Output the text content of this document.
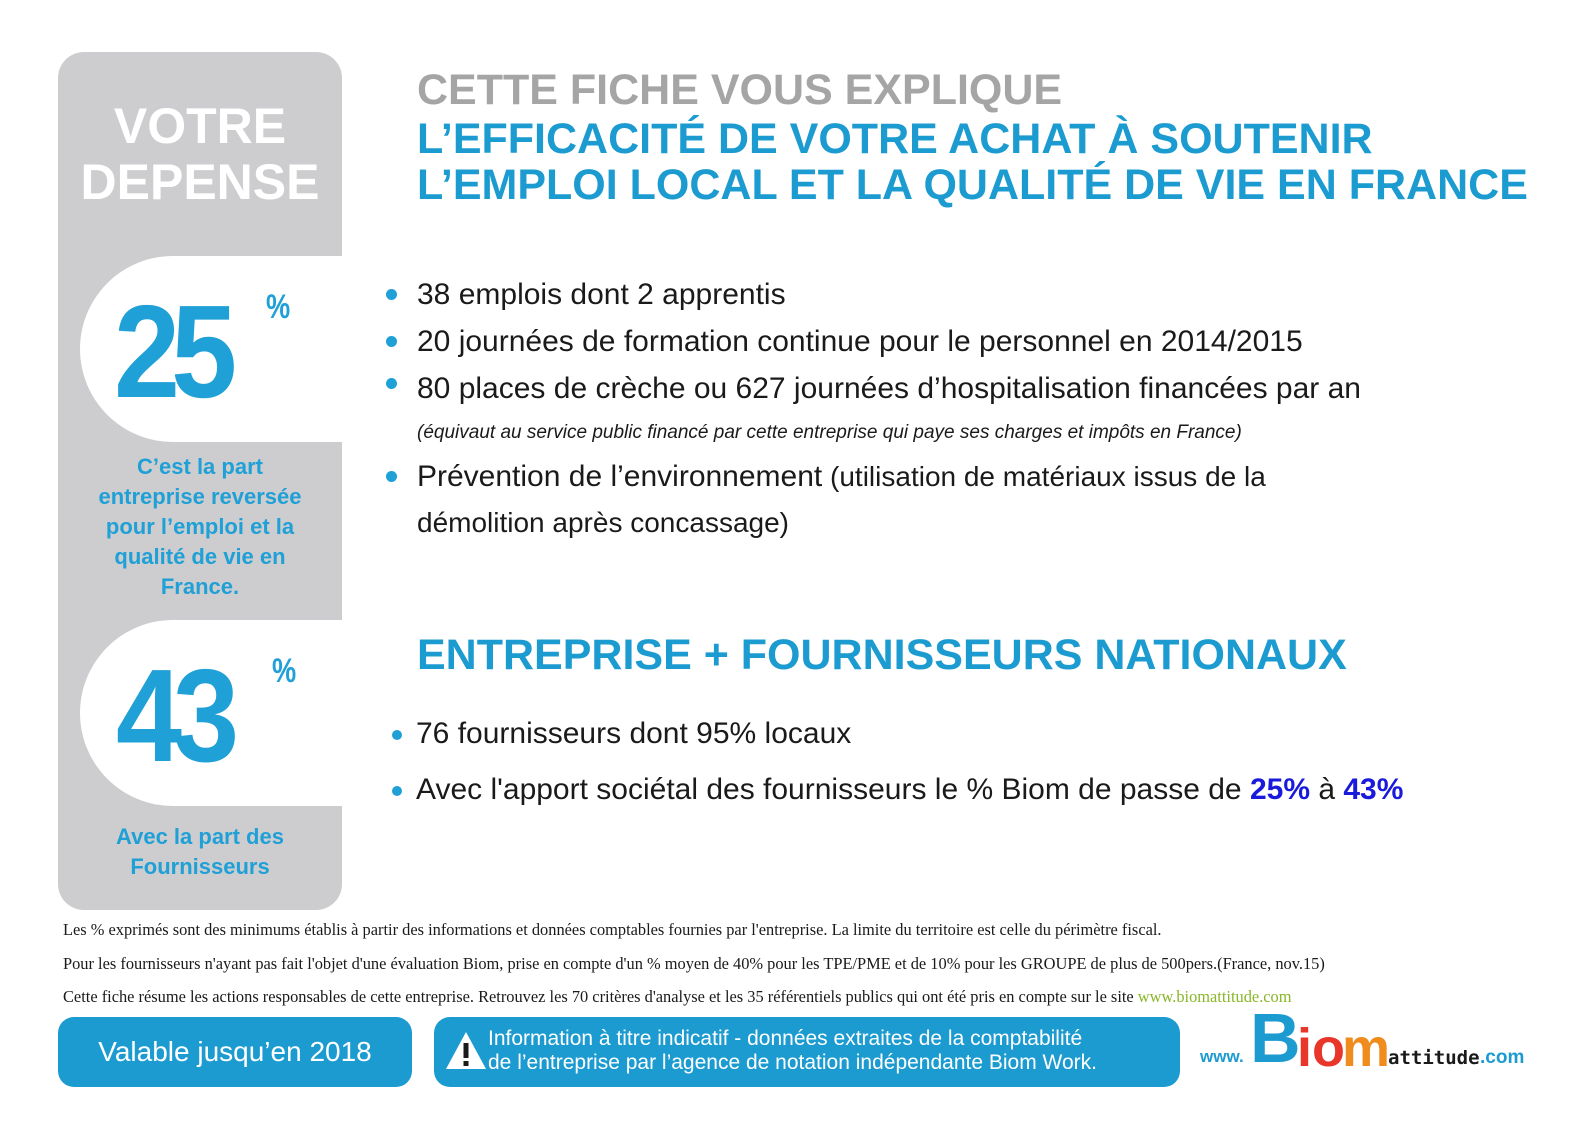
VOTRE
DEPENSE
25 %
C’est la part
entreprise reversée
pour l’emploi et la
qualité de vie en
France.
43 %
Avec la part des
Fournisseurs
CETTE FICHE VOUS EXPLIQUE
L’EFFICACITÉ DE VOTRE ACHAT À SOUTENIR
L’EMPLOI LOCAL ET LA QUALITÉ DE VIE EN FRANCE
38 emplois dont 2 apprentis
20 journées de formation continue pour le personnel en 2014/2015
80 places de crèche ou 627 journées d’hospitalisation financées par an
(équivaut au service public financé par cette entreprise qui paye ses charges et impôts en France)
Prévention de l’environnement (utilisation de matériaux issus de la
démolition après concassage)
ENTREPRISE + FOURNISSEURS NATIONAUX
76 fournisseurs dont 95% locaux
Avec l'apport sociétal des fournisseurs le % Biom de passe de 25% à 43%
Les % exprimés sont des minimums établis à partir des informations et données comptables fournies par l'entreprise. La limite du territoire est celle du périmètre fiscal.
Pour les fournisseurs n'ayant pas fait l'objet d'une évaluation Biom, prise en compte d'un % moyen de 40% pour les TPE/PME et de 10% pour les GROUPE de plus de 500pers.(France, nov.15)
Cette fiche résume les actions responsables de cette entreprise. Retrouvez les 70 critères d'analyse et les 35 référentiels publics qui ont été pris en compte sur le site www.biomattitude.com
Valable jusqu’en 2018	Information à titre indicatif - données extraites de la comptabilité
de l’entreprise par l’agence de notation indépendante Biom Work.	www. B
i o
m
attitude .com
